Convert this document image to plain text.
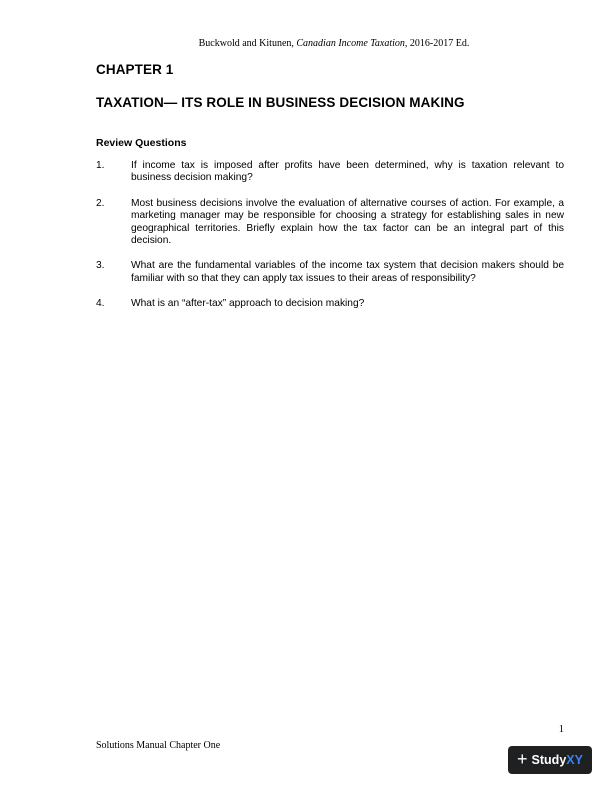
Buckwold and Kitunen, Canadian Income Taxation, 2016-2017 Ed.
CHAPTER 1
TAXATION— ITS ROLE IN BUSINESS DECISION MAKING
Review Questions
1.	If income tax is imposed after profits have been determined, why is taxation relevant to business decision making?
2.	Most business decisions involve the evaluation of alternative courses of action. For example, a marketing manager may be responsible for choosing a strategy for establishing sales in new geographical territories. Briefly explain how the tax factor can be an integral part of this decision.
3.	What are the fundamental variables of the income tax system that decision makers should be familiar with so that they can apply tax issues to their areas of responsibility?
4.	What is an “after-tax” approach to decision making?
1
Solutions Manual Chapter One
+ StudyXY
